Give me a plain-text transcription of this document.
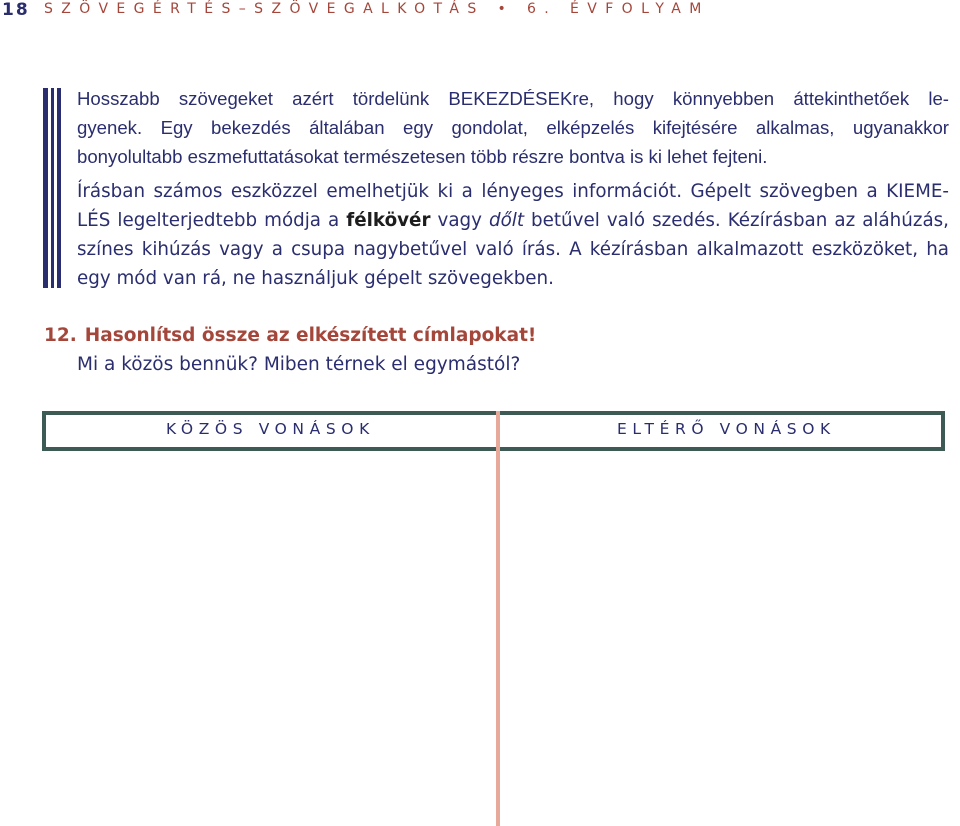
18 SZÖVEGÉRTÉS–SZÖVEGALKOTÁS • 6. ÉVFOLYAM
Hosszabb szövegeket azért tördelünk BEKEZDÉSEKre, hogy könnyebben áttekinthetőek le-
gyenek. Egy bekezdés általában egy gondolat, elképzelés kifejtésére alkalmas, ugyanakkor
bonyolultabb eszmefuttatásokat természetesen több részre bontva is ki lehet fejteni.
Írásban számos eszközzel emelhetjük ki a lényeges információt. Gépelt szövegben a KIEME-
LÉS legelterjedtebb módja a félkövér vagy dőlt betűvel való szedés. Kézírásban az aláhúzás,
színes kihúzás vagy a csupa nagybetűvel való írás. A kézírásban alkalmazott eszközöket, ha
egy mód van rá, ne használjuk gépelt szövegekben.
12. Hasonlítsd össze az elkészített címlapokat!
Mi a közös bennük? Miben térnek el egymástól?
KÖZÖS VONÁSOK	ELTÉRŐ VONÁSOK
